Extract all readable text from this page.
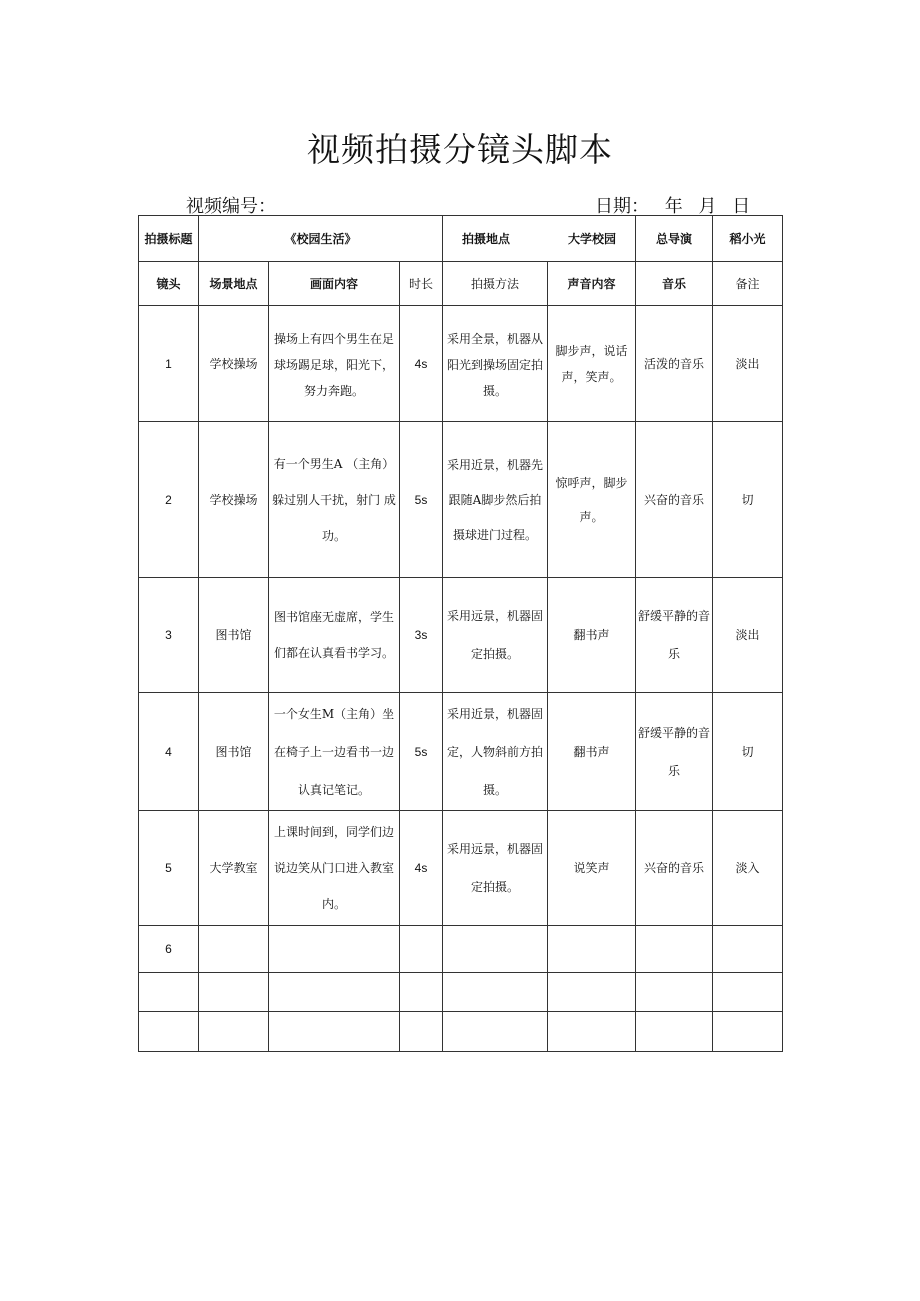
视频拍摄分镜头脚本
视频编号：	日期： 年 月 日
拍摄标题	《校园生活》			拍摄地点 大学校园		总导演	稻小光
镜头	场景地点	画面内容	时长	拍摄方法	声音内容	音乐	备注
1	学校操场	操场上有四个男生在足球场踢足球，阳光下，努力奔跑。	4s	采用全景，机器从阳光到操场固定拍摄。	脚步声，说话声，笑声。	活泼的音乐	淡出
2	学校操场	有一个男生A （主角） 躲过别人干扰，射门 成功。	5s	采用近景，机器先跟随A脚步然后拍摄球进门过程。	惊呼声，脚步声。	兴奋的音乐	切
3	图书馆	图书馆座无虚席，学生们都在认真看书学习。	3s	采用远景，机器固定拍摄。	翻书声	舒缓平静的音乐	淡出
4	图书馆	一个女生M（主角）坐在椅子上一边看书一边认真记笔记。	5s	采用近景，机器固定，人物斜前方拍摄。	翻书声	舒缓平静的音乐	切
5	大学教室	上课时间到，同学们边说边笑从门口进入教室内。	4s	采用远景，机器固定拍摄。	说笑声	兴奋的音乐	淡入
6							
